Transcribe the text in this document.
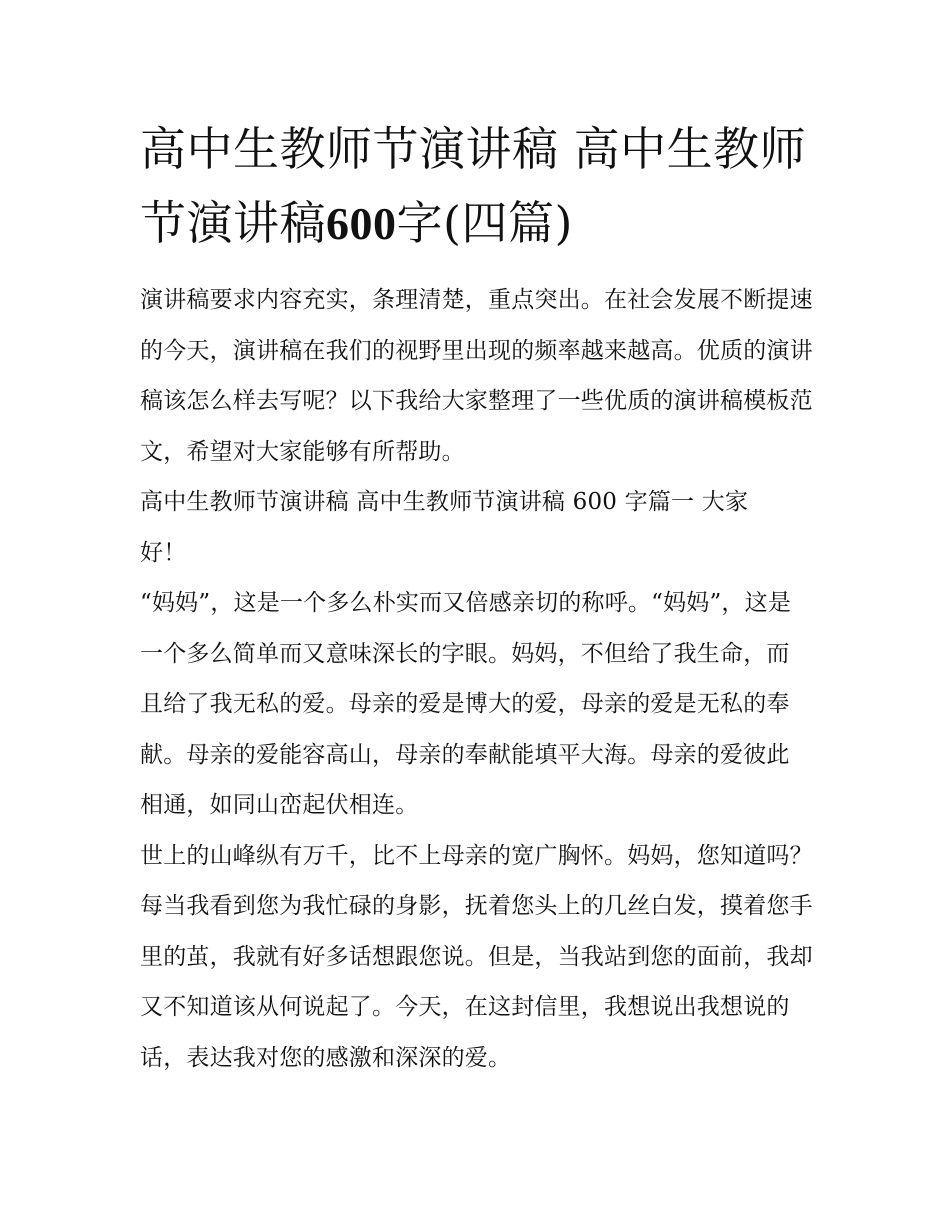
高中生教师节演讲稿 高中生教师节演讲稿600字(四篇)

演讲稿要求内容充实，条理清楚，重点突出。在社会发展不断提速的今天，演讲稿在我们的视野里出现的频率越来越高。优质的演讲稿该怎么样去写呢？以下我给大家整理了一些优质的演讲稿模板范文，希望对大家能够有所帮助。

高中生教师节演讲稿 高中生教师节演讲稿 600 字篇一 大家好！

“妈妈”，这是一个多么朴实而又倍感亲切的称呼。“妈妈”，这是一个多么简单而又意味深长的字眼。妈妈，不但给了我生命，而且给了我无私的爱。母亲的爱是博大的爱，母亲的爱是无私的奉献。母亲的爱能容高山，母亲的奉献能填平大海。母亲的爱彼此相通，如同山峦起伏相连。

世上的山峰纵有万千，比不上母亲的宽广胸怀。妈妈，您知道吗？每当我看到您为我忙碌的身影，抚着您头上的几丝白发，摸着您手里的茧，我就有好多话想跟您说。但是，当我站到您的面前，我却又不知道该从何说起了。今天，在这封信里，我想说出我想说的话，表达我对您的感激和深深的爱。
